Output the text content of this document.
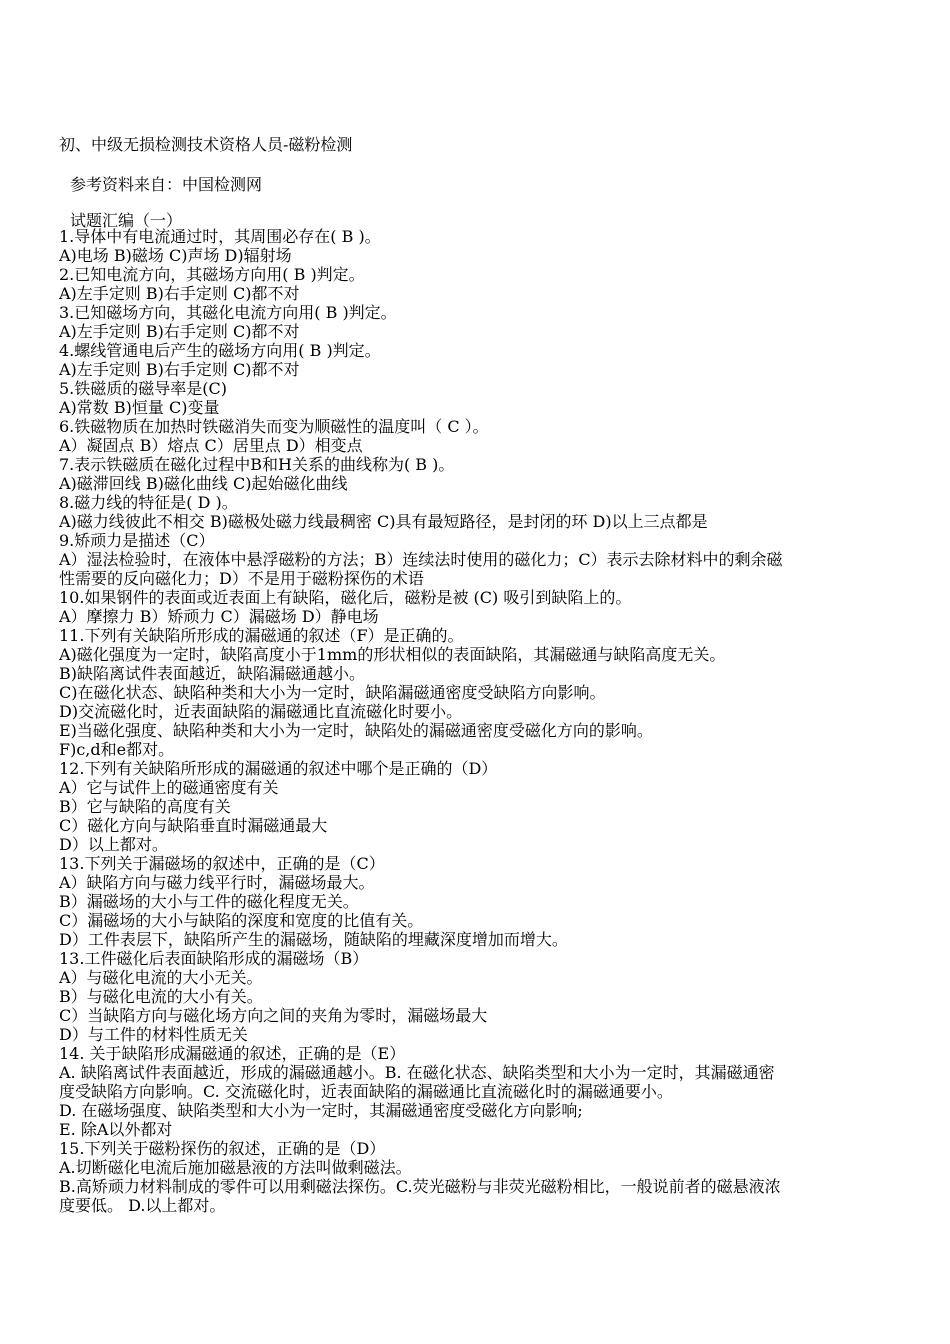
初、中级无损检测技术资格人员-磁粉检测
参考资料来自：中国检测网
试题汇编（一）
1.导体中有电流通过时，其周围必存在( B )。
A)电场 B)磁场 C)声场 D)辐射场
2.已知电流方向，其磁场方向用( B )判定。
A)左手定则 B)右手定则 C)都不对
3.已知磁场方向，其磁化电流方向用( B )判定。
A)左手定则 B)右手定则 C)都不对
4.螺线管通电后产生的磁场方向用( B )判定。
A)左手定则 B)右手定则 C)都不对
5.铁磁质的磁导率是(C)
A)常数 B)恒量 C)变量
6.铁磁物质在加热时铁磁消失而变为顺磁性的温度叫（ C ）。
A）凝固点 B）熔点 C）居里点 D）相变点
7.表示铁磁质在磁化过程中B和H关系的曲线称为( B )。
A)磁滞回线 B)磁化曲线 C)起始磁化曲线
8.磁力线的特征是( D )。
A)磁力线彼此不相交 B)磁极处磁力线最稠密 C)具有最短路径，是封闭的环 D)以上三点都是
9.矫顽力是描述（C）
A）湿法检验时，在液体中悬浮磁粉的方法；B）连续法时使用的磁化力；C）表示去除材料中的剩余磁
性需要的反向磁化力；D）不是用于磁粉探伤的术语
10.如果钢件的表面或近表面上有缺陷，磁化后，磁粉是被 (C) 吸引到缺陷上的。
A）摩擦力 B）矫顽力 C）漏磁场 D）静电场
11.下列有关缺陷所形成的漏磁通的叙述（F）是正确的。
A)磁化强度为一定时，缺陷高度小于1mm的形状相似的表面缺陷，其漏磁通与缺陷高度无关。
B)缺陷离试件表面越近，缺陷漏磁通越小。
C)在磁化状态、缺陷种类和大小为一定时，缺陷漏磁通密度受缺陷方向影响。
D)交流磁化时，近表面缺陷的漏磁通比直流磁化时要小。
E)当磁化强度、缺陷种类和大小为一定时，缺陷处的漏磁通密度受磁化方向的影响。
F)c,d和e都对。
12.下列有关缺陷所形成的漏磁通的叙述中哪个是正确的（D）
A）它与试件上的磁通密度有关
B）它与缺陷的高度有关
C）磁化方向与缺陷垂直时漏磁通最大
D）以上都对。
13.下列关于漏磁场的叙述中，正确的是（C）
A）缺陷方向与磁力线平行时，漏磁场最大。
B）漏磁场的大小与工件的磁化程度无关。
C）漏磁场的大小与缺陷的深度和宽度的比值有关。
D）工件表层下，缺陷所产生的漏磁场，随缺陷的埋藏深度增加而增大。
13.工件磁化后表面缺陷形成的漏磁场（B）
A）与磁化电流的大小无关。
B）与磁化电流的大小有关。
C）当缺陷方向与磁化场方向之间的夹角为零时，漏磁场最大
D）与工件的材料性质无关
14. 关于缺陷形成漏磁通的叙述，正确的是（E）
A. 缺陷离试件表面越近，形成的漏磁通越小。B. 在磁化状态、缺陷类型和大小为一定时，其漏磁通密
度受缺陷方向影响。C. 交流磁化时，近表面缺陷的漏磁通比直流磁化时的漏磁通要小。
D. 在磁场强度、缺陷类型和大小为一定时，其漏磁通密度受磁化方向影响;
E. 除A以外都对
15.下列关于磁粉探伤的叙述，正确的是（D）
A.切断磁化电流后施加磁悬液的方法叫做剩磁法。
B.高矫顽力材料制成的零件可以用剩磁法探伤。C.荧光磁粉与非荧光磁粉相比，一般说前者的磁悬液浓
度要低。 D.以上都对。
